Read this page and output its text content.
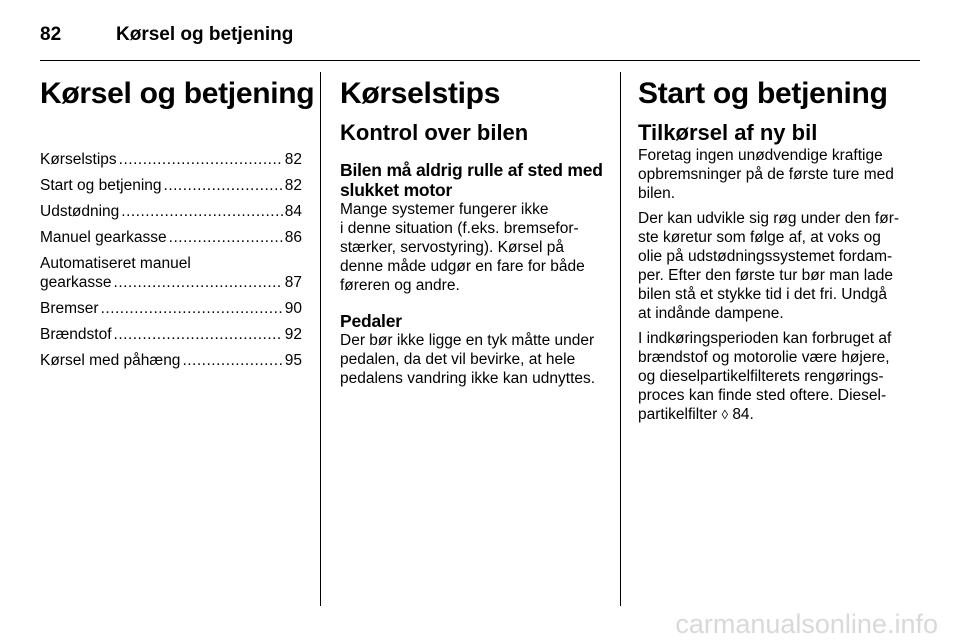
82	Kørsel og betjening
Kørsel og betjening
Kørselstips .....	82
Start og betjening .....	82
Udstødning .....	84
Manuel gearkasse .....	86
Automatiseret manuel
gearkasse .....	87
Bremser .....	90
Brændstof .....	92
Kørsel med påhæng .....	95
Kørselstips
Kontrol over bilen
Bilen må aldrig rulle af sted med slukket motor

Mange systemer fungerer ikke
i denne situation (f.eks. bremsefor-
stærker, servostyring). Kørsel på
denne måde udgør en fare for både
føreren og andre.

Pedaler

Der bør ikke ligge en tyk måtte under
pedalen, da det vil bevirke, at hele
pedalens vandring ikke kan udnyttes.

Start og betjening
Tilkørsel af ny bil

Foretag ingen unødvendige kraftige
opbremsninger på de første ture med
bilen.

Der kan udvikle sig røg under den før-
ste køretur som følge af, at voks og
olie på udstødningssystemet fordam-
per. Efter den første tur bør man lade
bilen stå et stykke tid i det fri. Undgå
at indånde dampene.

I indkøringsperioden kan forbruget af
brændstof og motorolie være højere,
og dieselpartikelfilterets rengørings-
proces kan finde sted oftere. Diesel-
partikelfilter ◊ 84.

carmanualsonline.info
